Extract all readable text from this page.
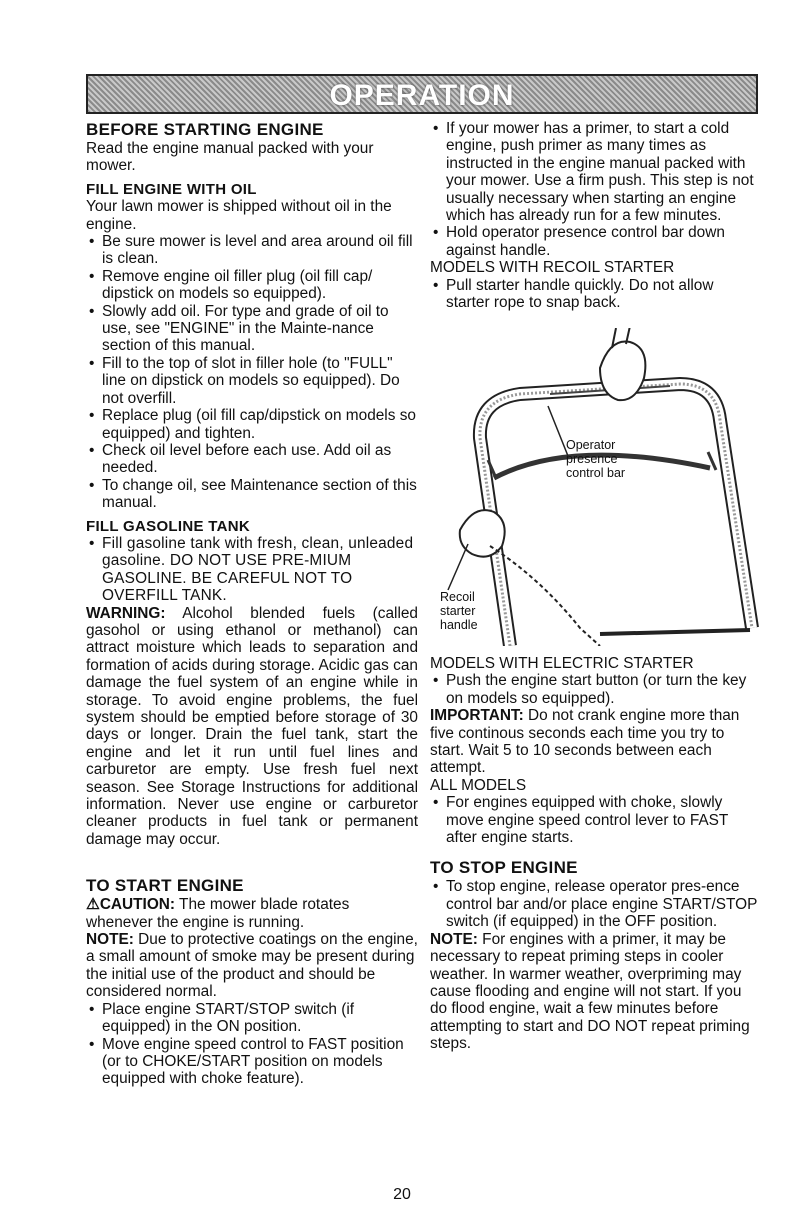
OPERATION

BEFORE STARTING ENGINE

Read the engine manual packed with your mower.

FILL ENGINE WITH OIL

Your lawn mower is shipped without oil in the engine.

• Be sure mower is level and area around oil fill is clean.
• Remove engine oil filler plug (oil fill cap/ dipstick on models so equipped).
• Slowly add oil. For type and grade of oil to use, see "ENGINE" in the Mainte-nance section of this manual.
• Fill to the top of slot in filler hole (to "FULL" line on dipstick on models so equipped). Do not overfill.
• Replace plug (oil fill cap/dipstick on models so equipped) and tighten.
• Check oil level before each use. Add oil as needed.
• To change oil, see Maintenance section of this manual.

FILL GASOLINE TANK

• Fill gasoline tank with fresh, clean, unleaded gasoline. DO NOT USE PRE-MIUM GASOLINE. BE CAREFUL NOT TO OVERFILL TANK.

WARNING: Alcohol blended fuels (called gasohol or using ethanol or methanol) can attract moisture which leads to separation and formation of acids during storage. Acidic gas can damage the fuel system of an engine while in storage. To avoid engine problems, the fuel system should be emptied before storage of 30 days or longer. Drain the fuel tank, start the engine and let it run until fuel lines and carburetor are empty. Use fresh fuel next season. See Storage Instructions for additional information. Never use engine or carburetor cleaner products in fuel tank or permanent damage may occur.

TO START ENGINE

⚠CAUTION: The mower blade rotates whenever the engine is running.

NOTE: Due to protective coatings on the engine, a small amount of smoke may be present during the initial use of the product and should be considered normal.

• Place engine START/STOP switch (if equipped) in the ON position.
• Move engine speed control to FAST position (or to CHOKE/START position on models equipped with choke feature).
• If your mower has a primer, to start a cold engine, push primer as many times as instructed in the engine manual packed with your mower. Use a firm push. This step is not usually necessary when starting an engine which has already run for a few minutes.
• Hold operator presence control bar down against handle.

MODELS WITH RECOIL STARTER

• Pull starter handle quickly. Do not allow starter rope to snap back.
Operator
presence
control bar
Recoil
starter
handle

MODELS WITH ELECTRIC STARTER

• Push the engine start button (or turn the key on models so equipped).

IMPORTANT: Do not crank engine more than five continous seconds each time you try to start. Wait 5 to 10 seconds between each attempt.

ALL MODELS

• For engines equipped with choke, slowly move engine speed control lever to FAST after engine starts.

TO STOP ENGINE

• To stop engine, release operator pres-ence control bar and/or place engine START/STOP switch (if equipped) in the OFF position.

NOTE: For engines with a primer, it may be necessary to repeat priming steps in cooler weather. In warmer weather, overpriming may cause flooding and engine will not start. If you do flood engine, wait a few minutes before attempting to start and DO NOT repeat priming steps.

20
